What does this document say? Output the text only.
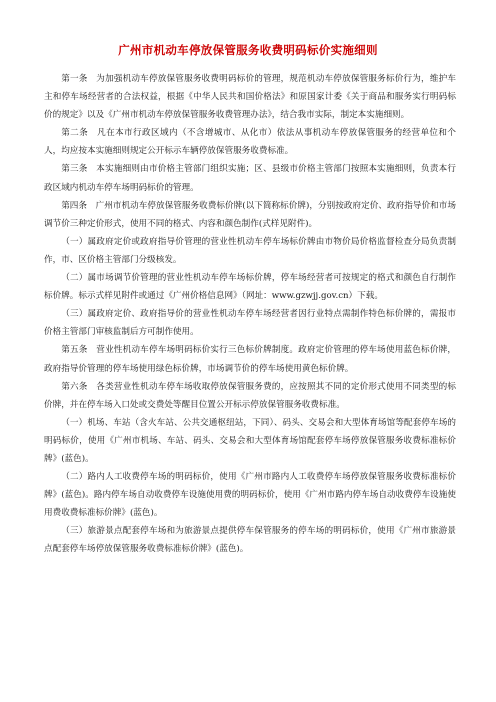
广州市机动车停放保管服务收费明码标价实施细则

第一条　为加强机动车停放保管服务收费明码标价的管理，规范机动车停放保管服务标价行为，维护车主和停车场经营者的合法权益，根据《中华人民共和国价格法》和原国家计委《关于商品和服务实行明码标价的规定》以及《广州市机动车停放保管服务收费管理办法》，结合我市实际，制定本实施细则。

第二条　凡在本市行政区域内（不含增城市、从化市）依法从事机动车停放保管服务的经营单位和个人，均应按本实施细则规定公开标示车辆停放保管服务收费标准。

第三条　本实施细则由市价格主管部门组织实施；区、县级市价格主管部门按照本实施细则，负责本行政区域内机动车停车场明码标价的管理。

第四条　广州市机动车停放保管服务收费标价牌(以下简称标价牌)，分别按政府定价、政府指导价和市场调节价三种定价形式，使用不同的格式、内容和颜色制作(式样见附件)。

（一）属政府定价或政府指导价管理的营业性机动车停车场标价牌由市物价局价格监督检查分局负责制作，市、区价格主管部门分级核发。

（二）属市场调节价管理的营业性机动车停车场标价牌，停车场经营者可按规定的格式和颜色自行制作标价牌。标示式样见附件或通过《广州价格信息网》（网址：www.gzwjj.gov.cn）下载。

（三）属政府定价、政府指导价的营业性机动车停车场经营者因行业特点需制作特色标价牌的，需报市价格主管部门审核监制后方可制作使用。

第五条　营业性机动车停车场明码标价实行三色标价牌制度。政府定价管理的停车场使用蓝色标价牌，政府指导价管理的停车场使用绿色标价牌，市场调节价的停车场使用黄色标价牌。

第六条　各类营业性机动车停车场收取停放保管服务费的，应按照其不同的定价形式使用不同类型的标价牌，并在停车场入口处或交费处等醒目位置公开标示停放保管服务收费标准。

（一）机场、车站（含火车站、公共交通枢纽站，下同）、码头、交易会和大型体育场馆等配套停车场的明码标价，使用《广州市机场、车站、码头、交易会和大型体育场馆配套停车场停放保管服务收费标准标价牌》(蓝色)。

（二）路内人工收费停车场的明码标价，使用《广州市路内人工收费停车场停放保管服务收费标准标价牌》(蓝色)。路内停车场自动收费停车设施使用费的明码标价，使用《广州市路内停车场自动收费停车设施使用费收费标准标价牌》(蓝色)。

（三）旅游景点配套停车场和为旅游景点提供停车保管服务的停车场的明码标价，使用《广州市旅游景点配套停车场停放保管服务收费标准标价牌》(蓝色)。
